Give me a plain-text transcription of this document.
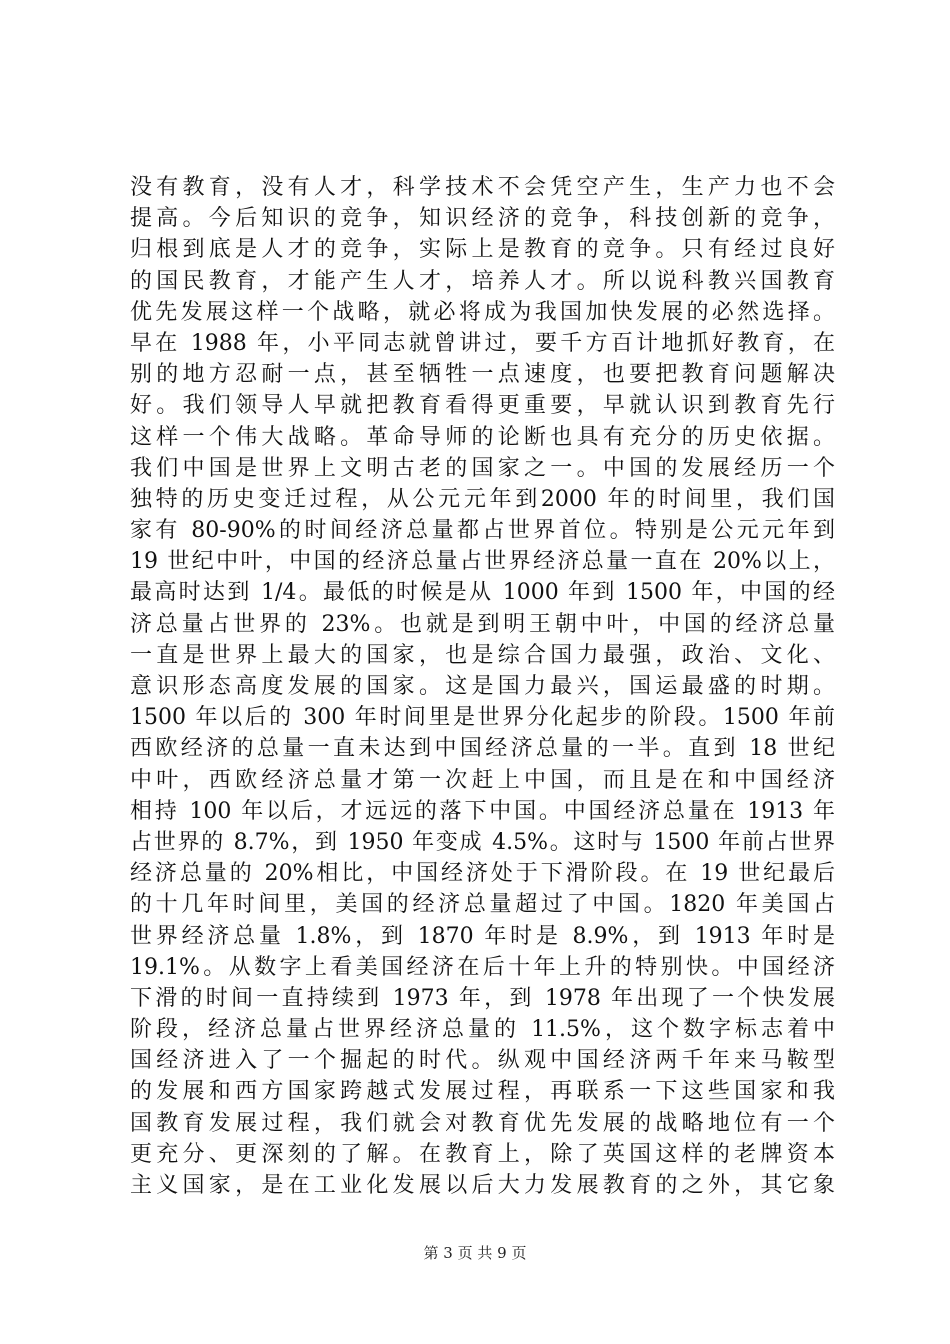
没有教育，没有人才，科学技术不会凭空产生，生产力也不会
提高。今后知识的竞争，知识经济的竞争，科技创新的竞争，
归根到底是人才的竞争，实际上是教育的竞争。只有经过良好
的国民教育，才能产生人才，培养人才。所以说科教兴国教育
优先发展这样一个战略，就必将成为我国加快发展的必然选择。
早在 1988 年，小平同志就曾讲过，要千方百计地抓好教育，在
别的地方忍耐一点，甚至牺牲一点速度，也要把教育问题解决
好。我们领导人早就把教育看得更重要，早就认识到教育先行
这样一个伟大战略。革命导师的论断也具有充分的历史依据。
我们中国是世界上文明古老的国家之一。中国的发展经历一个
独特的历史变迁过程，从公元元年到2000 年的时间里，我们国
家有 80-90%的时间经济总量都占世界首位。特别是公元元年到
19 世纪中叶，中国的经济总量占世界经济总量一直在 20%以上，
最高时达到 1/4。最低的时候是从 1000 年到 1500 年，中国的经
济总量占世界的 23%。也就是到明王朝中叶，中国的经济总量
一直是世界上最大的国家，也是综合国力最强，政治、文化、
意识形态高度发展的国家。这是国力最兴，国运最盛的时期。
1500 年以后的 300 年时间里是世界分化起步的阶段。1500 年前
西欧经济的总量一直未达到中国经济总量的一半。直到 18 世纪
中叶，西欧经济总量才第一次赶上中国，而且是在和中国经济
相持 100 年以后，才远远的落下中国。中国经济总量在 1913 年
占世界的 8.7%，到 1950 年变成 4.5%。这时与 1500 年前占世界
经济总量的 20%相比，中国经济处于下滑阶段。在 19 世纪最后
的十几年时间里，美国的经济总量超过了中国。1820 年美国占
世界经济总量 1.8%，到 1870 年时是 8.9%，到 1913 年时是
19.1%。从数字上看美国经济在后十年上升的特别快。中国经济
下滑的时间一直持续到 1973 年，到 1978 年出现了一个快发展
阶段，经济总量占世界经济总量的 11.5%，这个数字标志着中
国经济进入了一个掘起的时代。纵观中国经济两千年来马鞍型
的发展和西方国家跨越式发展过程，再联系一下这些国家和我
国教育发展过程，我们就会对教育优先发展的战略地位有一个
更充分、更深刻的了解。在教育上，除了英国这样的老牌资本
主义国家，是在工业化发展以后大力发展教育的之外，其它象
第 3 页 共 9 页
